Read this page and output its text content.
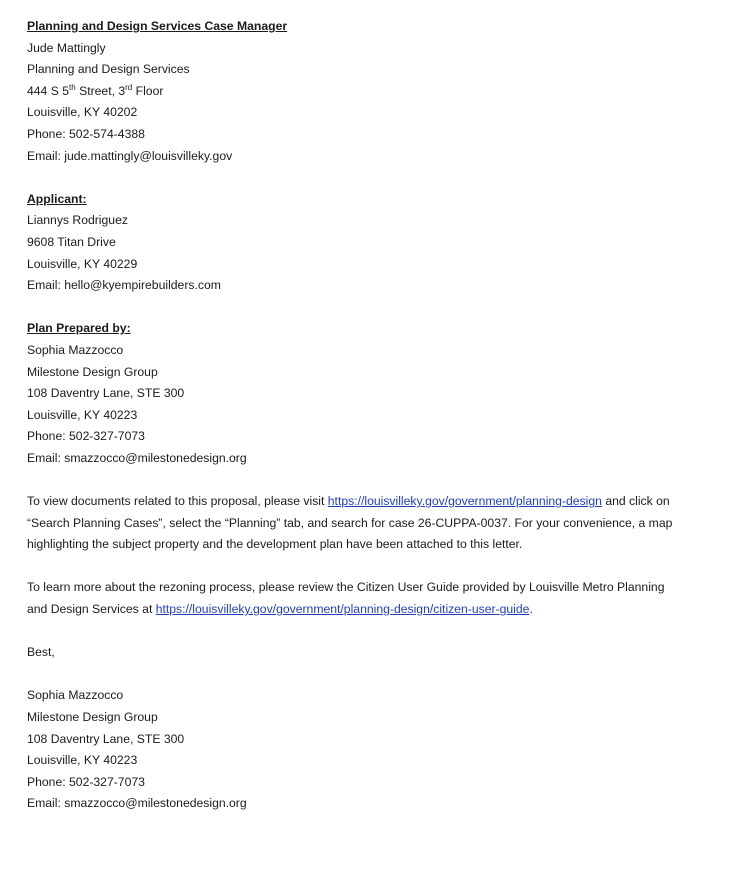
Planning and Design Services Case Manager
Jude Mattingly
Planning and Design Services
444 S 5th Street, 3rd Floor
Louisville, KY 40202
Phone: 502-574-4388
Email: jude.mattingly@louisvilleky.gov
Applicant:
Liannys Rodriguez
9608 Titan Drive
Louisville, KY 40229
Email: hello@kyempirebuilders.com
Plan Prepared by:
Sophia Mazzocco
Milestone Design Group
108 Daventry Lane, STE 300
Louisville, KY 40223
Phone: 502-327-7073
Email: smazzocco@milestonedesign.org

To view documents related to this proposal, please visit https://louisvilleky.gov/government/planning-design and click on “Search Planning Cases”, select the “Planning” tab, and search for case 26-CUPPA-0037. For your convenience, a map highlighting the subject property and the development plan have been attached to this letter.

To learn more about the rezoning process, please review the Citizen User Guide provided by Louisville Metro Planning and Design Services at https://louisvilleky.gov/government/planning-design/citizen-user-guide.

Best,
Sophia Mazzocco
Milestone Design Group
108 Daventry Lane, STE 300
Louisville, KY 40223
Phone: 502-327-7073
Email: smazzocco@milestonedesign.org
